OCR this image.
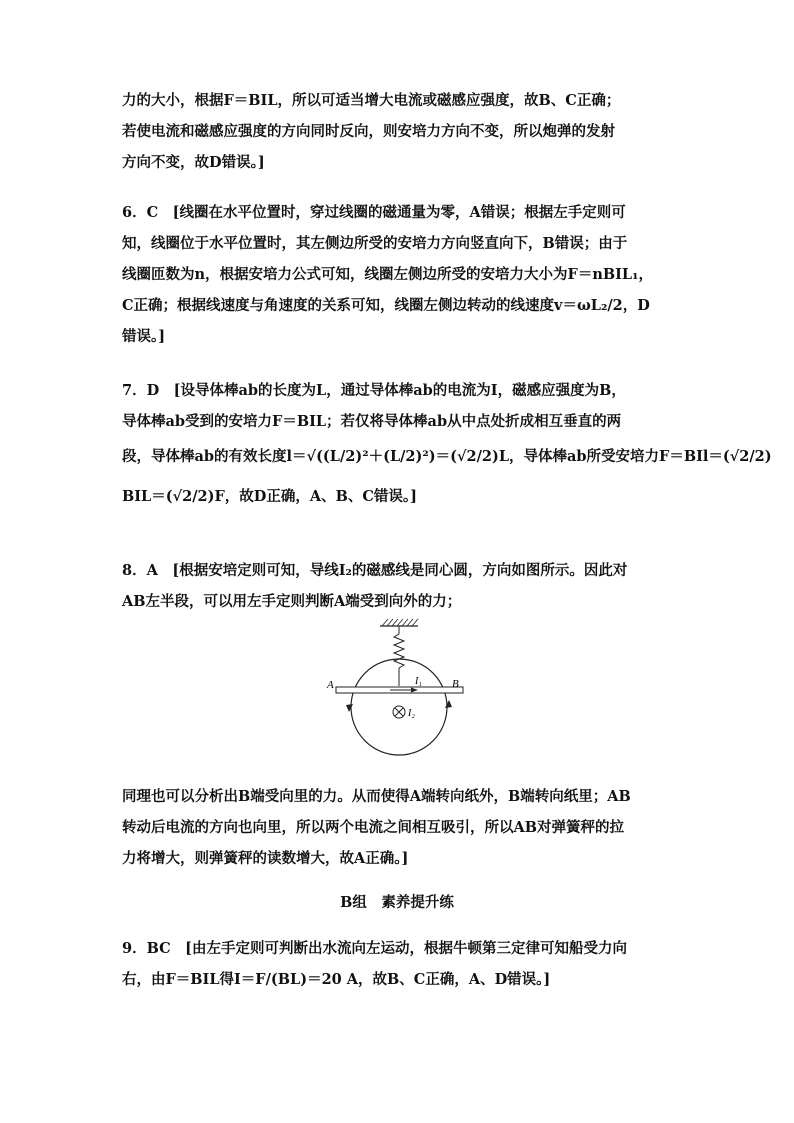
力的大小，根据F＝BIL，所以可适当增大电流或磁感应强度，故B、C正确；
若使电流和磁感应强度的方向同时反向，则安培力方向不变，所以炮弹的发射
方向不变，故D错误。]
6．C　[线圈在水平位置时，穿过线圈的磁通量为零，A错误；根据左手定则可
知，线圈位于水平位置时，其左侧边所受的安培力方向竖直向下，B错误；由于
线圈匝数为n，根据安培力公式可知，线圈左侧边所受的安培力大小为F＝nBIL₁，
C正确；根据线速度与角速度的关系可知，线圈左侧边转动的线速度v＝ωL₂/2，D
错误。]
7．D　[设导体棒ab的长度为L，通过导体棒ab的电流为I，磁感应强度为B，
导体棒ab受到的安培力F＝BIL；若仅将导体棒ab从中点处折成相互垂直的两
段，导体棒ab的有效长度l＝√((L/2)²＋(L/2)²)＝(√2/2)L，导体棒ab所受安培力F＝BIl＝(√2/2)
BIL＝(√2/2)F，故D正确，A、B、C错误。]
8．A　[根据安培定则可知，导线I₂的磁感线是同心圆，方向如图所示。因此对
AB左半段，可以用左手定则判断A端受到向外的力；
A	B
I₁
I₂
同理也可以分析出B端受向里的力。从而使得A端转向纸外，B端转向纸里；AB
转动后电流的方向也向里，所以两个电流之间相互吸引，所以AB对弹簧秤的拉
力将增大，则弹簧秤的读数增大，故A正确。]
B组　素养提升练
9．BC　[由左手定则可判断出水流向左运动，根据牛顿第三定律可知船受力向
右，由F＝BIL得I＝F/(BL)＝20 A，故B、C正确，A、D错误。]
